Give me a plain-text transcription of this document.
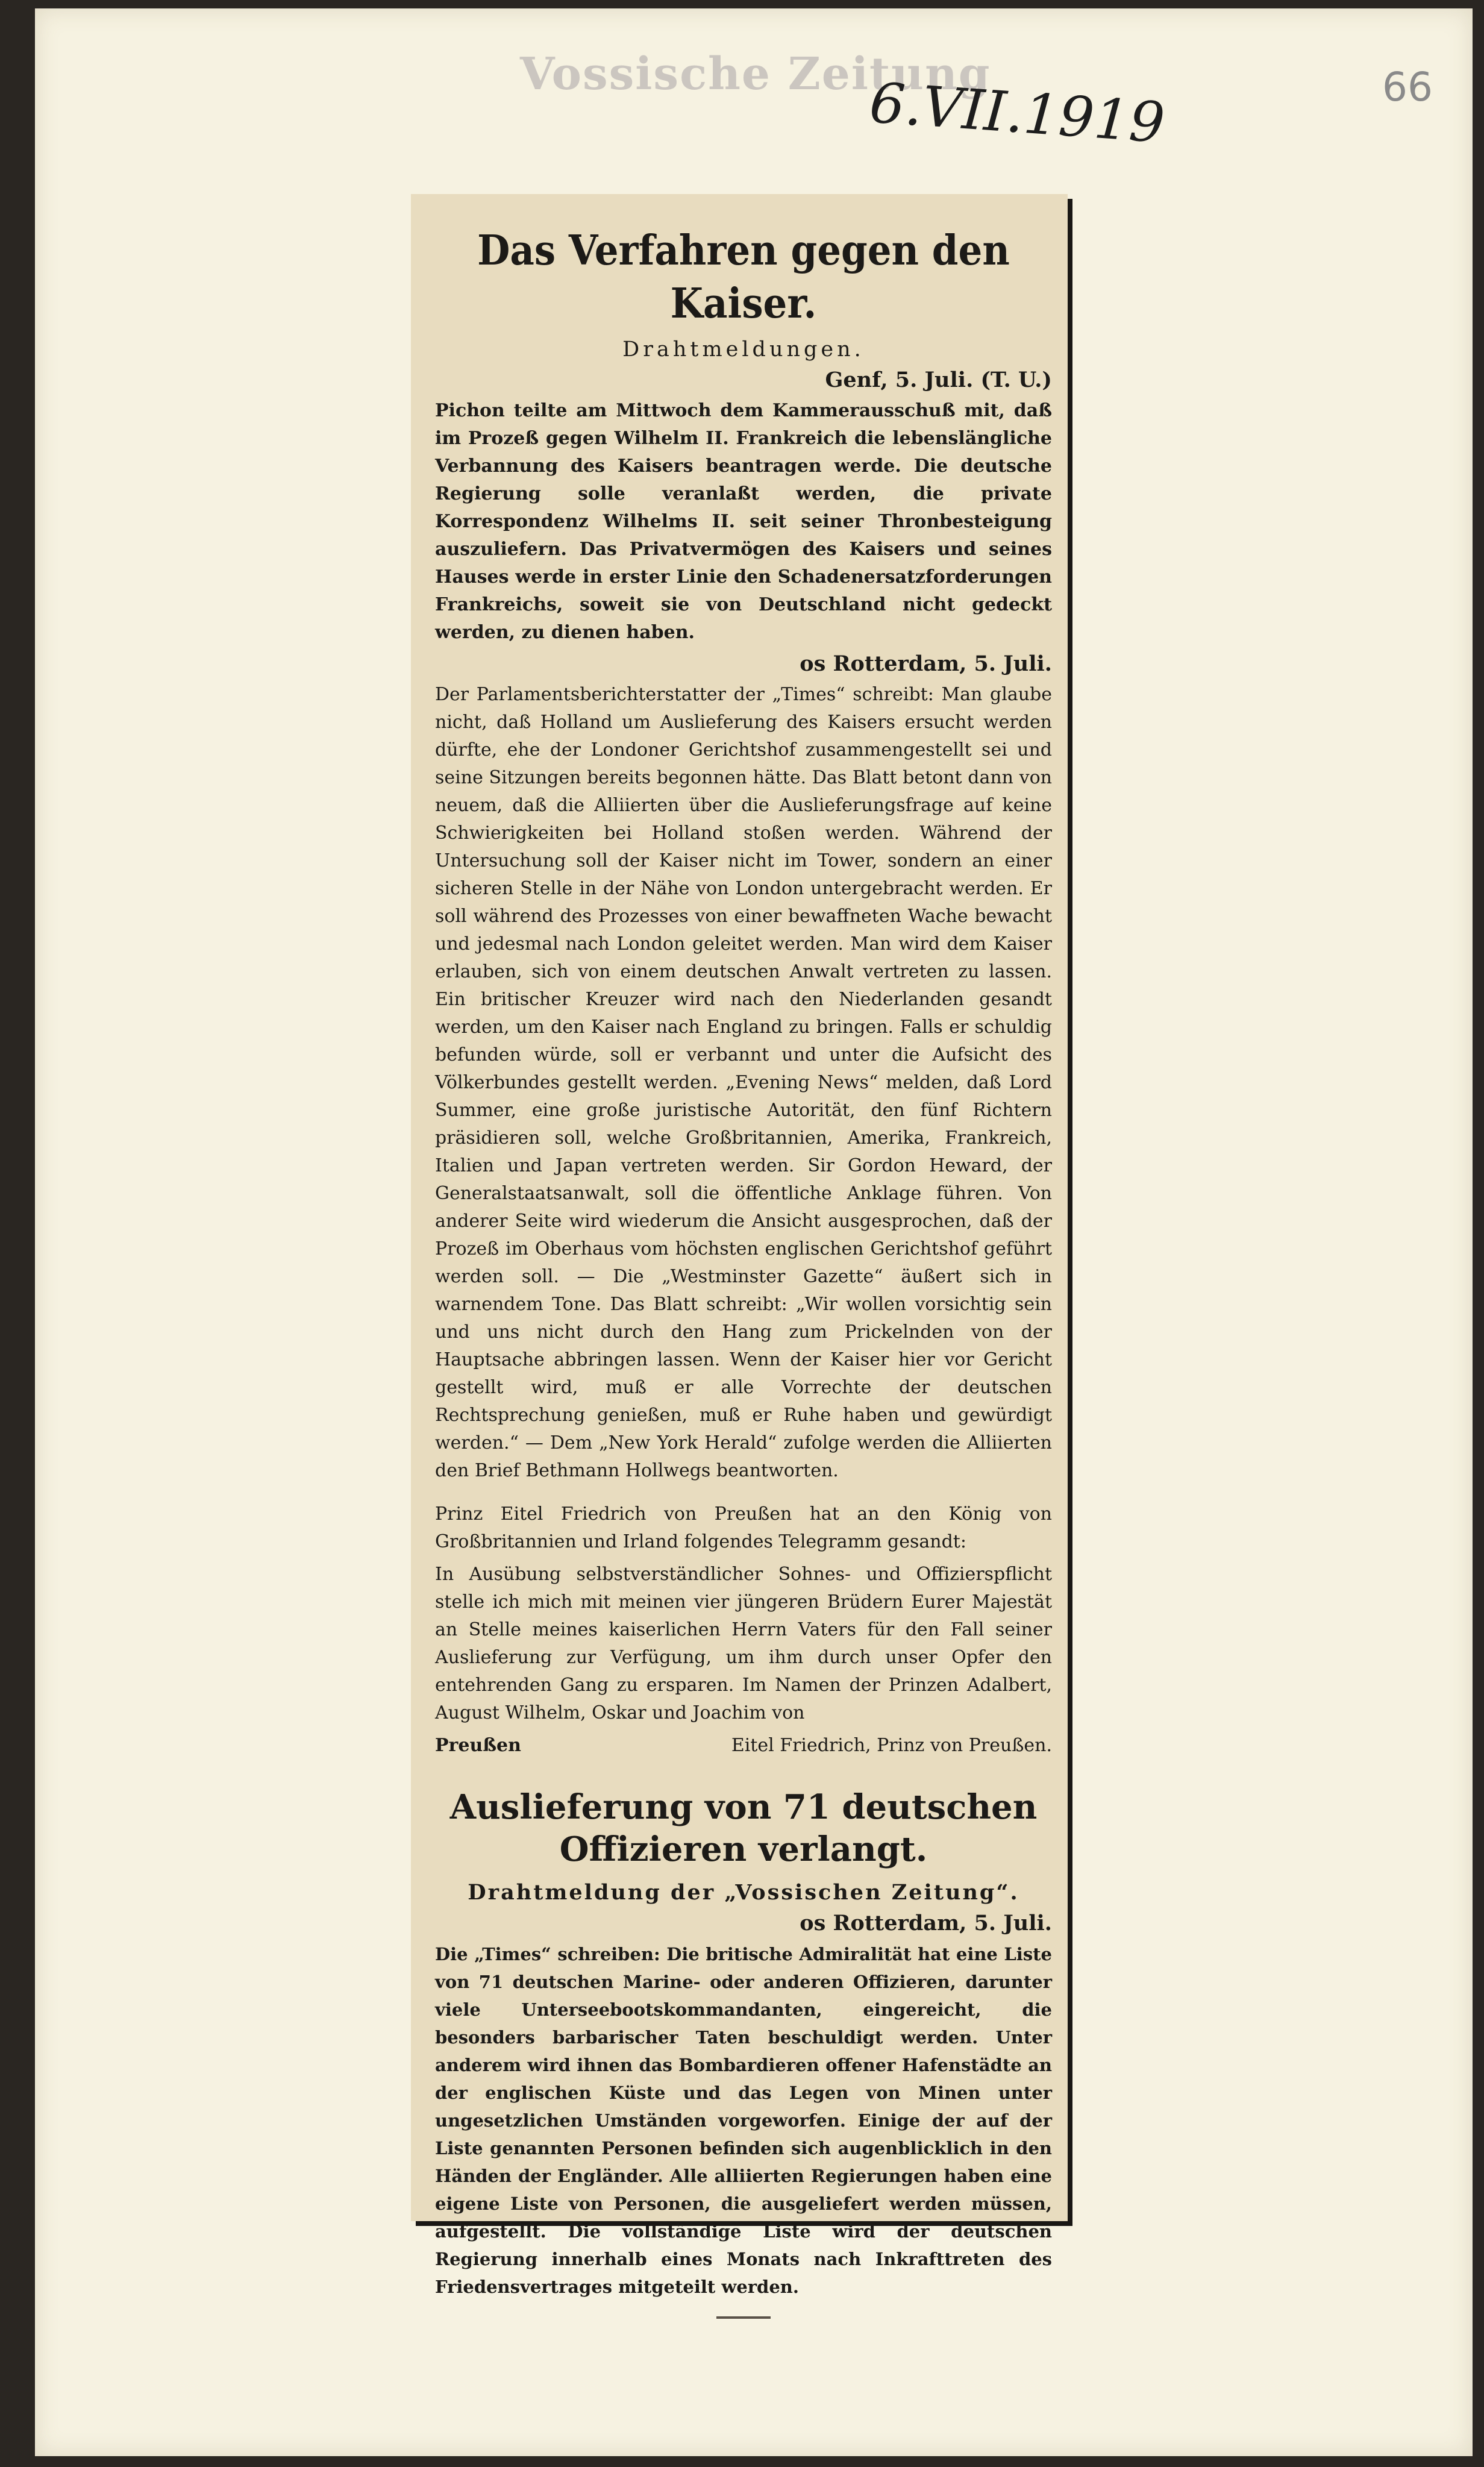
Vossische Zeitung
6.VII.1919	66
Das Verfahren gegen den Kaiser.
Drahtmeldungen.
Genf, 5. Juli. (T. U.)
Pichon teilte am Mittwoch dem Kammerausschuß mit, daß im Prozeß gegen Wilhelm II. Frankreich die lebenslängliche Verbannung des Kaisers beantragen werde. Die deutsche Regierung solle veranlaßt werden, die private Korrespondenz Wilhelms II. seit seiner Thronbesteigung auszuliefern. Das Privatvermögen des Kaisers und seines Hauses werde in erster Linie den Schadenersatzforderungen Frankreichs, soweit sie von Deutschland nicht gedeckt werden, zu dienen haben.
os Rotterdam, 5. Juli.
Der Parlamentsberichterstatter der „Times“ schreibt: Man glaube nicht, daß Holland um Auslieferung des Kaisers ersucht werden dürfte, ehe der Londoner Gerichtshof zusammengestellt sei und seine Sitzungen bereits begonnen hätte. Das Blatt betont dann von neuem, daß die Alliierten über die Auslieferungsfrage auf keine Schwierigkeiten bei Holland stoßen werden. Während der Untersuchung soll der Kaiser nicht im Tower, sondern an einer sicheren Stelle in der Nähe von London untergebracht werden. Er soll während des Prozesses von einer bewaffneten Wache bewacht und jedesmal nach London geleitet werden. Man wird dem Kaiser erlauben, sich von einem deutschen Anwalt vertreten zu lassen. Ein britischer Kreuzer wird nach den Niederlanden gesandt werden, um den Kaiser nach England zu bringen. Falls er schuldig befunden würde, soll er verbannt und unter die Aufsicht des Völkerbundes gestellt werden. „Evening News“ melden, daß Lord Summer, eine große juristische Autorität, den fünf Richtern präsidieren soll, welche Großbritannien, Amerika, Frankreich, Italien und Japan vertreten werden. Sir Gordon Heward, der Generalstaatsanwalt, soll die öffentliche Anklage führen. Von anderer Seite wird wiederum die Ansicht ausgesprochen, daß der Prozeß im Oberhaus vom höchsten englischen Gerichtshof geführt werden soll. — Die „Westminster Gazette“ äußert sich in warnendem Tone. Das Blatt schreibt: „Wir wollen vorsichtig sein und uns nicht durch den Hang zum Prickelnden von der Hauptsache abbringen lassen. Wenn der Kaiser hier vor Gericht gestellt wird, muß er alle Vorrechte der deutschen Rechtsprechung genießen, muß er Ruhe haben und gewürdigt werden.“ — Dem „New York Herald“ zufolge werden die Alliierten den Brief Bethmann Hollwegs beantworten.
Prinz Eitel Friedrich von Preußen hat an den König von Großbritannien und Irland folgendes Telegramm gesandt:
In Ausübung selbstverständlicher Sohnes- und Offizierspflicht stelle ich mich mit meinen vier jüngeren Brüdern Eurer Majestät an Stelle meines kaiserlichen Herrn Vaters für den Fall seiner Auslieferung zur Verfügung, um ihm durch unser Opfer den entehrenden Gang zu ersparen. Im Namen der Prinzen Adalbert, August Wilhelm, Oskar und Joachim von
Preußen	Eitel Friedrich, Prinz von Preußen.
Auslieferung von 71 deutschen Offizieren verlangt.
Drahtmeldung der „Vossischen Zeitung“.
os Rotterdam, 5. Juli.
Die „Times“ schreiben: Die britische Admiralität hat eine Liste von 71 deutschen Marine- oder anderen Offizieren, darunter viele Unterseebootskommandanten, eingereicht, die besonders barbarischer Taten beschuldigt werden. Unter anderem wird ihnen das Bombardieren offener Hafenstädte an der englischen Küste und das Legen von Minen unter ungesetzlichen Umständen vorgeworfen. Einige der auf der Liste genannten Personen befinden sich augenblicklich in den Händen der Engländer. Alle alliierten Regierungen haben eine eigene Liste von Personen, die ausgeliefert werden müssen, aufgestellt. Die vollständige Liste wird der deutschen Regierung innerhalb eines Monats nach Inkrafttreten des Friedensvertrages mitgeteilt werden.
